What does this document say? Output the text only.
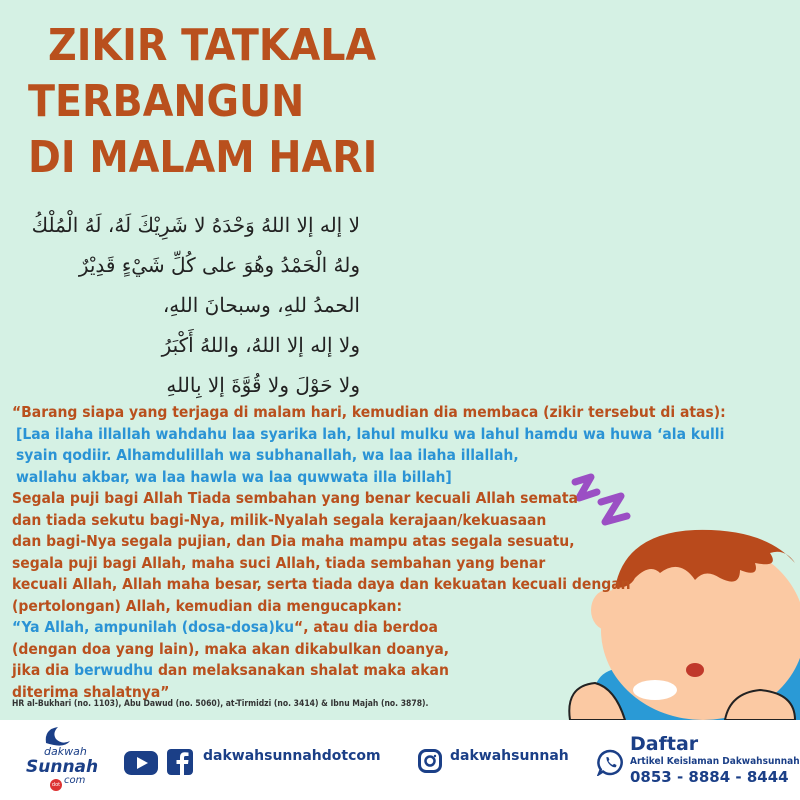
ZIKIR TATKALA
TERBANGUN
DI MALAM HARI
لا إله إلا اللهُ وَحْدَهُ لا شَرِيْكَ لَهُ، لَهُ الْمُلْكُ
ولهُ الْحَمْدُ وهُوَ على كُلِّ شَيْءٍ قَدِيْرٌ
الحمدُ للهِ، وسبحانَ اللهِ،
ولا إله إلا اللهُ، واللهُ أَكْبَرُ
ولا حَوْلَ ولا قُوَّةَ إلا بِاللهِ
“Barang siapa yang terjaga di malam hari, kemudian dia membaca (zikir tersebut di atas):
[Laa ilaha illallah wahdahu laa syarika lah, lahul mulku wa lahul hamdu wa huwa ‘ala kulli
syain qodiir. Alhamdulillah wa subhanallah, wa laa ilaha illallah,
wallahu akbar, wa laa hawla wa laa quwwata illa billah]
Segala puji bagi Allah Tiada sembahan yang benar kecuali Allah semata
dan tiada sekutu bagi-Nya, milik-Nyalah segala kerajaan/kekuasaan
dan bagi-Nya segala pujian, dan Dia maha mampu atas segala sesuatu,
segala puji bagi Allah, maha suci Allah, tiada sembahan yang benar
kecuali Allah, Allah maha besar, serta tiada daya dan kekuatan kecuali dengan
(pertolongan) Allah, kemudian dia mengucapkan:
“Ya Allah, ampunilah (dosa-dosa)ku“, atau dia berdoa
(dengan doa yang lain), maka akan dikabulkan doanya,
jika dia berwudhu dan melaksanakan shalat maka akan
diterima shalatnya”
HR al-Bukhari (no. 1103), Abu Dawud (no. 5060), at-Tirmidzi (no. 3414) & Ibnu Majah (no. 3878).
dakwah
Sunnah
dot com
dakwahsunnahdotcom	dakwahsunnah
Daftar
Artikel Keislaman Dakwahsunnah
0853 - 8884 - 8444
